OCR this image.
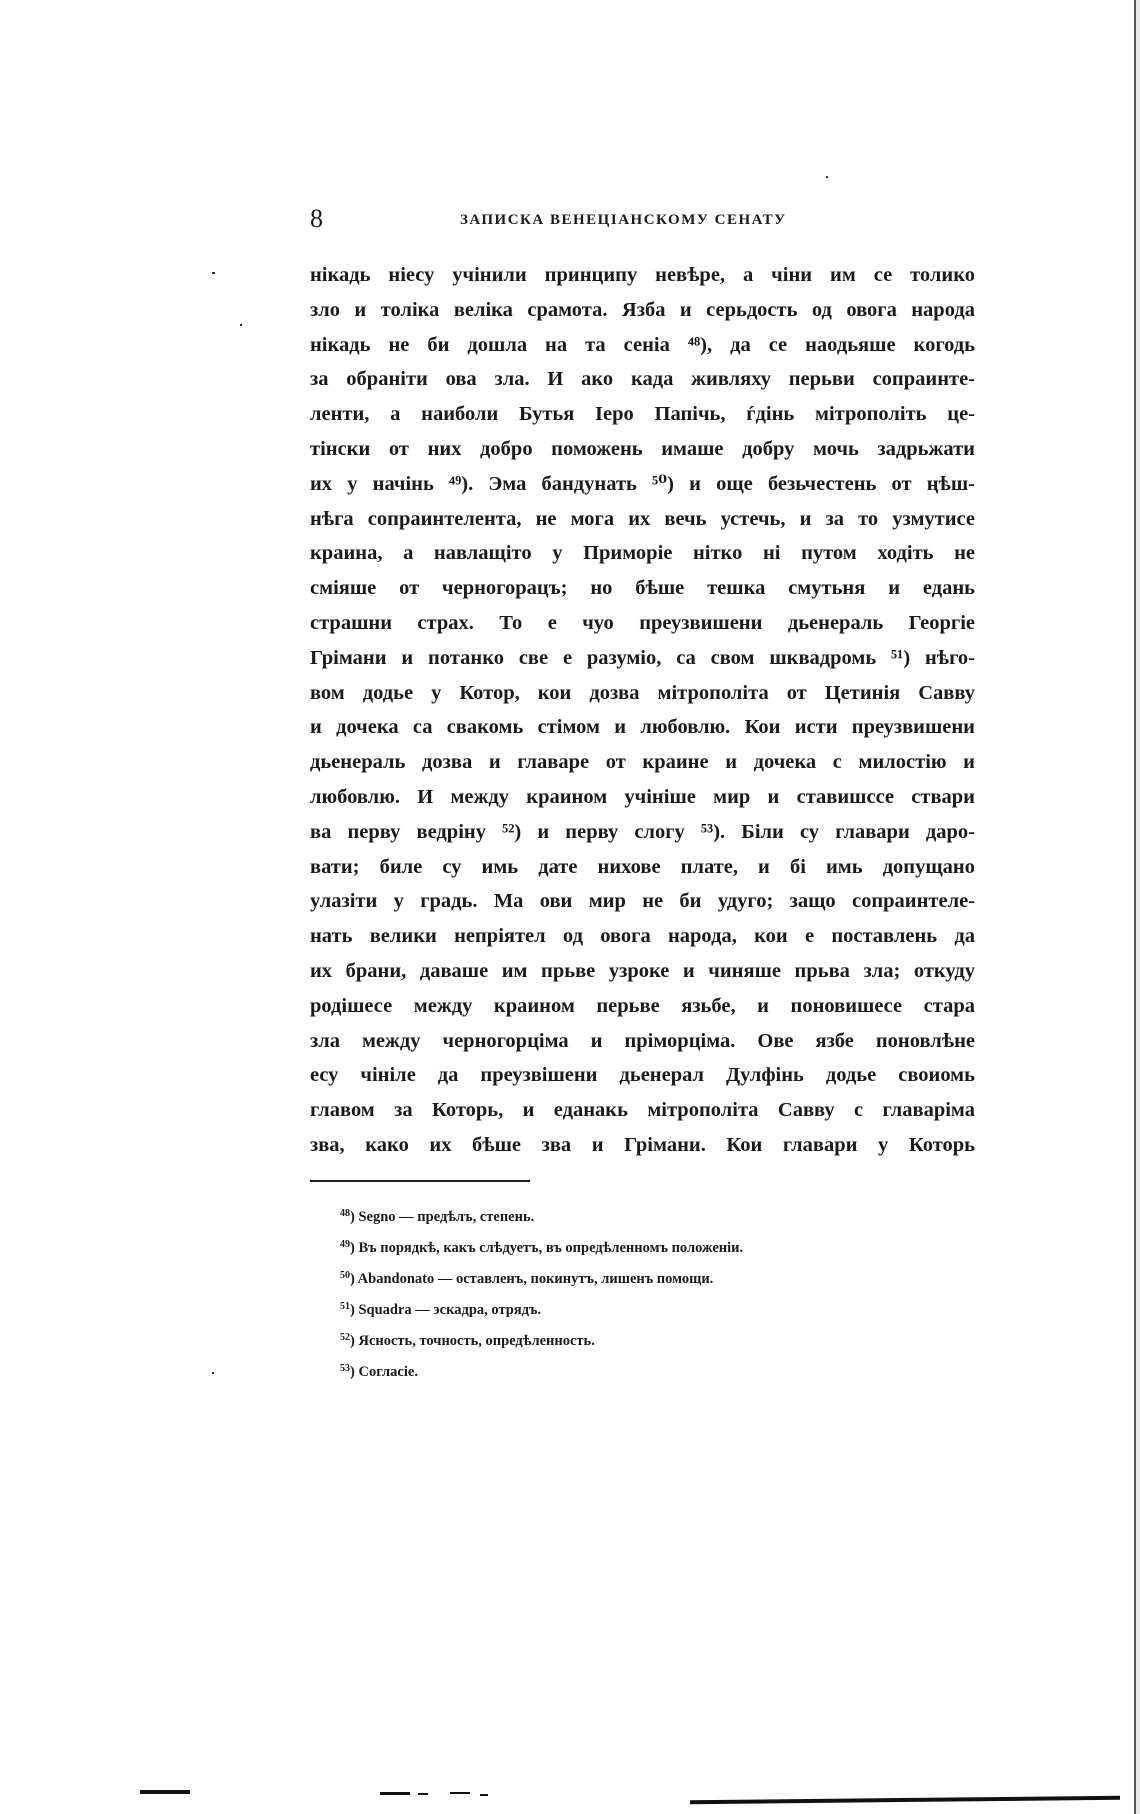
8	ЗАПИСКА ВЕНЕЦІАНСКОМУ СЕНАТУ
нікадь ніесу учінили принципу невѣре, а чіни им се толико
зло и толіка веліка срамота. Язба и серьдость од овога народа
нікадь не би дошла на та сеніа ⁴⁸), да се наодьяше когодь
за обраніти ова зла. И ако када живляху перьви сопраинте-
ленти, а наиболи Бутья Іеро Папічь, ѓдінь мітрополіть це-
тінски от них добро поможень имаше добру мочь задрьжати
их у начінь ⁴⁹). Эма бандунать ⁵⁰) и още безьчестень от ңѣш-
нѣга сопраинтелента, не мога их вечь устечь, и за то узмутисе
краина, а навлащіто у Приморіе нітко ні путом ходіть не
сміяше от черногорацъ; но бѣше тешка смутьня и едань
страшни страх. То е чуо преузвишени дьенераль Георгіе
Грімани и потанко све е разуміо, са свом шквадромь ⁵¹) нѣго-
вом додье у Котор, кои дозва мітрополіта от Цетинія Савву
и дочека са свакомь стімом и любовлю. Кои исти преузвишени
дьенераль дозва и главаре от краине и дочека с милостію и
любовлю. И между краином учініше мир и ставишссе ствари
ва перву ведріну ⁵²) и перву слогу ⁵³). Біли су главари даро-
вати; биле су имь дате нихове плате, и бі имь допущано
улазіти у градь. Ма ови мир не би удуго; защо сопраинтеле-
нать велики непріятел од овога народа, кои е поставлень да
их брани, даваше им прьве узроке и чиняше прьва зла; откуду
родішесе между краином перьве язьбе, и поновишесе стара
зла между черногорціма и пріморціма. Ове язбе поновлѣне
есу чініле да преузвішени дьенерал Дулфінь додье своиомь
главом за Которь, и еданакь мітрополіта Савву с главаріма
зва, како их бѣше зва и Грімани. Кои главари у Которь
$^{48}$) Segno — предѣлъ, степень.
$^{49}$) Въ порядкѣ, какъ слѣдуетъ, въ опредѣленномъ положеніи.
$^{50}$) Abandonato — оставленъ, покинутъ, лишенъ помощи.
$^{51}$) Squadra — эскадра, отрядъ.
$^{52}$) Ясность, точность, опредѣленность.
$^{53}$) Согласіе.
